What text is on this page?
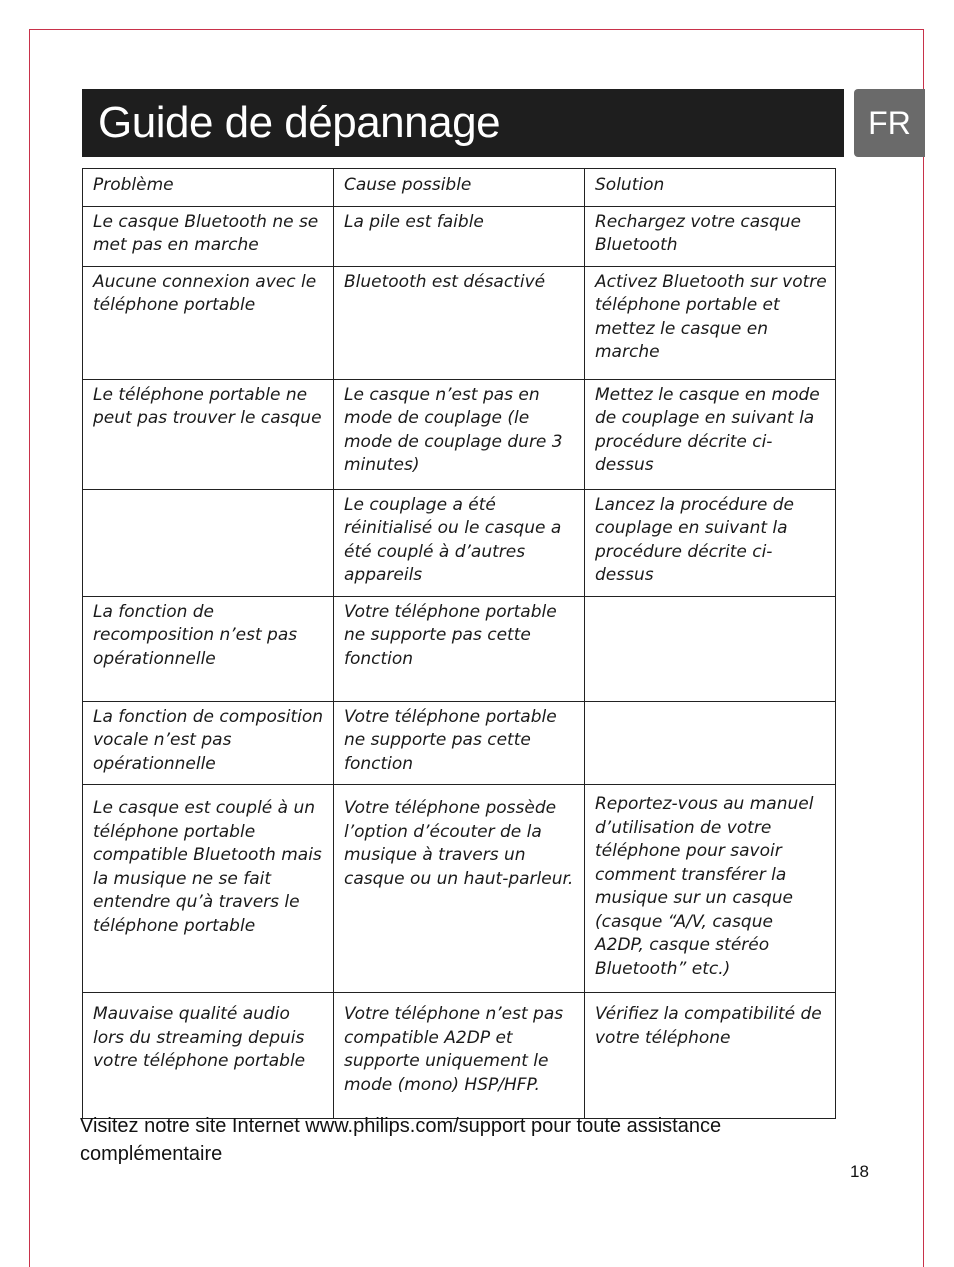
Guide de dépannage	FR
Problème	Cause possible	Solution
Le casque Bluetooth ne se met pas en marche	La pile est faible	Rechargez votre casque Bluetooth
Aucune connexion avec le téléphone portable	Bluetooth est désactivé	Activez Bluetooth sur votre téléphone portable et mettez le casque en marche
Le téléphone portable ne peut pas trouver le casque	Le casque n’est pas en mode de couplage (le mode de couplage dure 3 minutes)	Mettez le casque en mode de couplage en suivant la procédure décrite ci-dessus
	Le couplage a été réinitialisé ou le casque a été couplé à d’autres appareils	Lancez la procédure de couplage en suivant la procédure décrite ci-dessus
La fonction de recomposition n’est pas opérationnelle	Votre téléphone portable ne supporte pas cette fonction	
La fonction de composition vocale n’est pas opérationnelle	Votre téléphone portable ne supporte pas cette fonction	
Le casque est couplé à un téléphone portable compatible Bluetooth mais la musique ne se fait entendre qu’à travers le téléphone portable	Votre téléphone possède l’option d’écouter de la musique à travers un casque ou un haut-parleur.	Reportez-vous au manuel d’utilisation de votre téléphone pour savoir comment transférer la musique sur un casque (casque “A/V, casque A2DP, casque stéréo Bluetooth” etc.)
Mauvaise qualité audio lors du streaming depuis votre téléphone portable	Votre téléphone n’est pas compatible A2DP et supporte uniquement le mode (mono) HSP/HFP.	Vérifiez la compatibilité de votre téléphone
Visitez notre site Internet www.philips.com/support pour toute assistance complémentaire
18
